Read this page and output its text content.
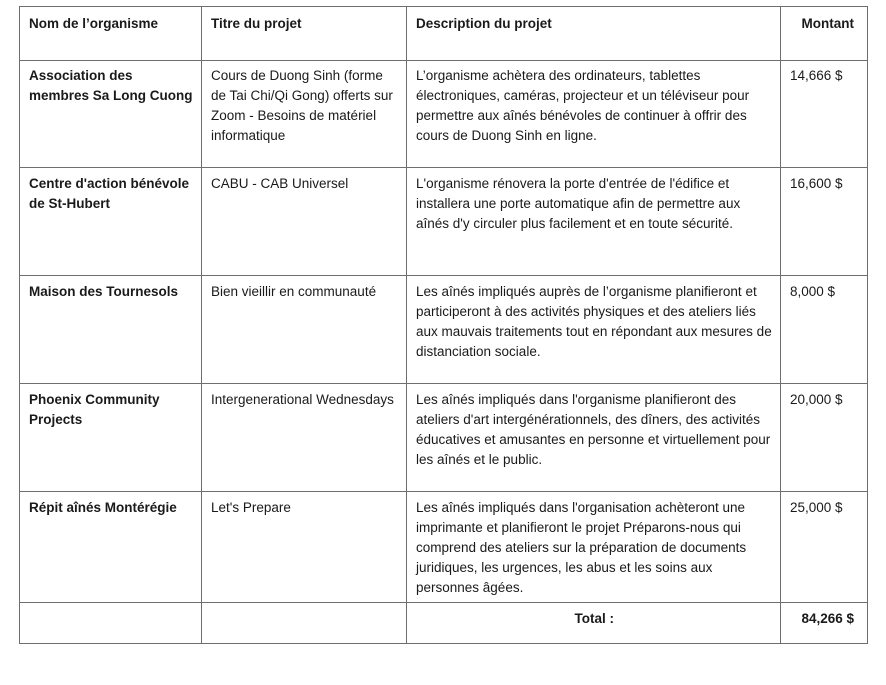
Nom de l’organisme	Titre du projet	Description du projet	Montant
Association des membres Sa Long Cuong	Cours de Duong Sinh (forme de Tai Chi/Qi Gong) offerts sur Zoom - Besoins de matériel informatique	L’organisme achètera des ordinateurs, tablettes électroniques, caméras, projecteur et un téléviseur pour permettre aux aînés bénévoles de continuer à offrir des cours de Duong Sinh en ligne.	14,666 $
Centre d'action bénévole de St-Hubert	CABU - CAB Universel	L'organisme rénovera la porte d'entrée de l'édifice et installera une porte automatique afin de permettre aux aînés d'y circuler plus facilement et en toute sécurité.	16,600 $
Maison des Tournesols	Bien vieillir en communauté	Les aînés impliqués auprès de l’organisme planifieront et participeront à des activités physiques et des ateliers liés aux mauvais traitements tout en répondant aux mesures de distanciation sociale.	8,000 $
Phoenix Community Projects	Intergenerational Wednesdays	Les aînés impliqués dans l'organisme planifieront des ateliers d'art intergénérationnels, des dîners, des activités éducatives et amusantes en personne et virtuellement pour les aînés et le public.	20,000 $
Répit aînés Montérégie	Let's Prepare	Les aînés impliqués dans l'organisation achèteront une imprimante et planifieront le projet Préparons-nous qui comprend des ateliers sur la préparation de documents juridiques, les urgences, les abus et les soins aux personnes âgées.	25,000 $
		Total :	84,266 $
